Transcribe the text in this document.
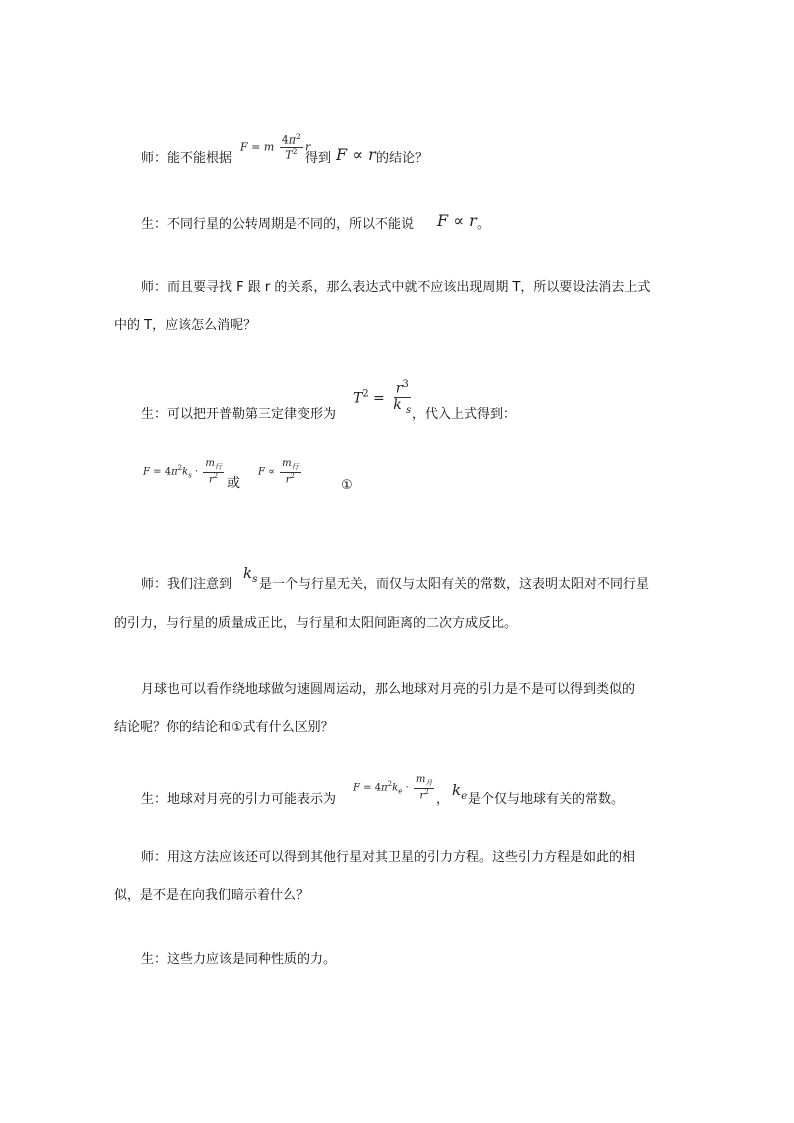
师：能不能根据
F = m $\frac{4\pi^2}{T^2}$ r
得到 F ∝ r 的结论？
生：不同行星的公转周期是不同的，所以不能说 F ∝ r 。
师：而且要寻找 F 跟 r 的关系，那么表达式中就不应该出现周期 T，所以要设法消去上式
中的 T，应该怎么消呢？
生：可以把开普勒第三定律变形为
$T^2 = \frac{r^3}{k _s}$
，代入上式得到：
$F = 4\pi^2k_s \cdot \frac{m_行}{r^2}$ 或
$F \propto \frac{m_行}{r^2}$
①
师：我们注意到
$k_s$ 是一个与行星无关，而仅与太阳有关的常数，这表明太阳对不同行星
的引力，与行星的质量成正比，与行星和太阳间距离的二次方成反比。
月球也可以看作绕地球做匀速圆周运动，那么地球对月亮的引力是不是可以得到类似的
结论呢？你的结论和①式有什么区别？
生：地球对月亮的引力可能表示为
$F = 4\pi^2k_e \cdot \frac{m_月}{r^2}$ ，
$k_e$ 是个仅与地球有关的常数。
师：用这方法应该还可以得到其他行星对其卫星的引力方程。这些引力方程是如此的相
似，是不是在向我们暗示着什么？
生：这些力应该是同种性质的力。
